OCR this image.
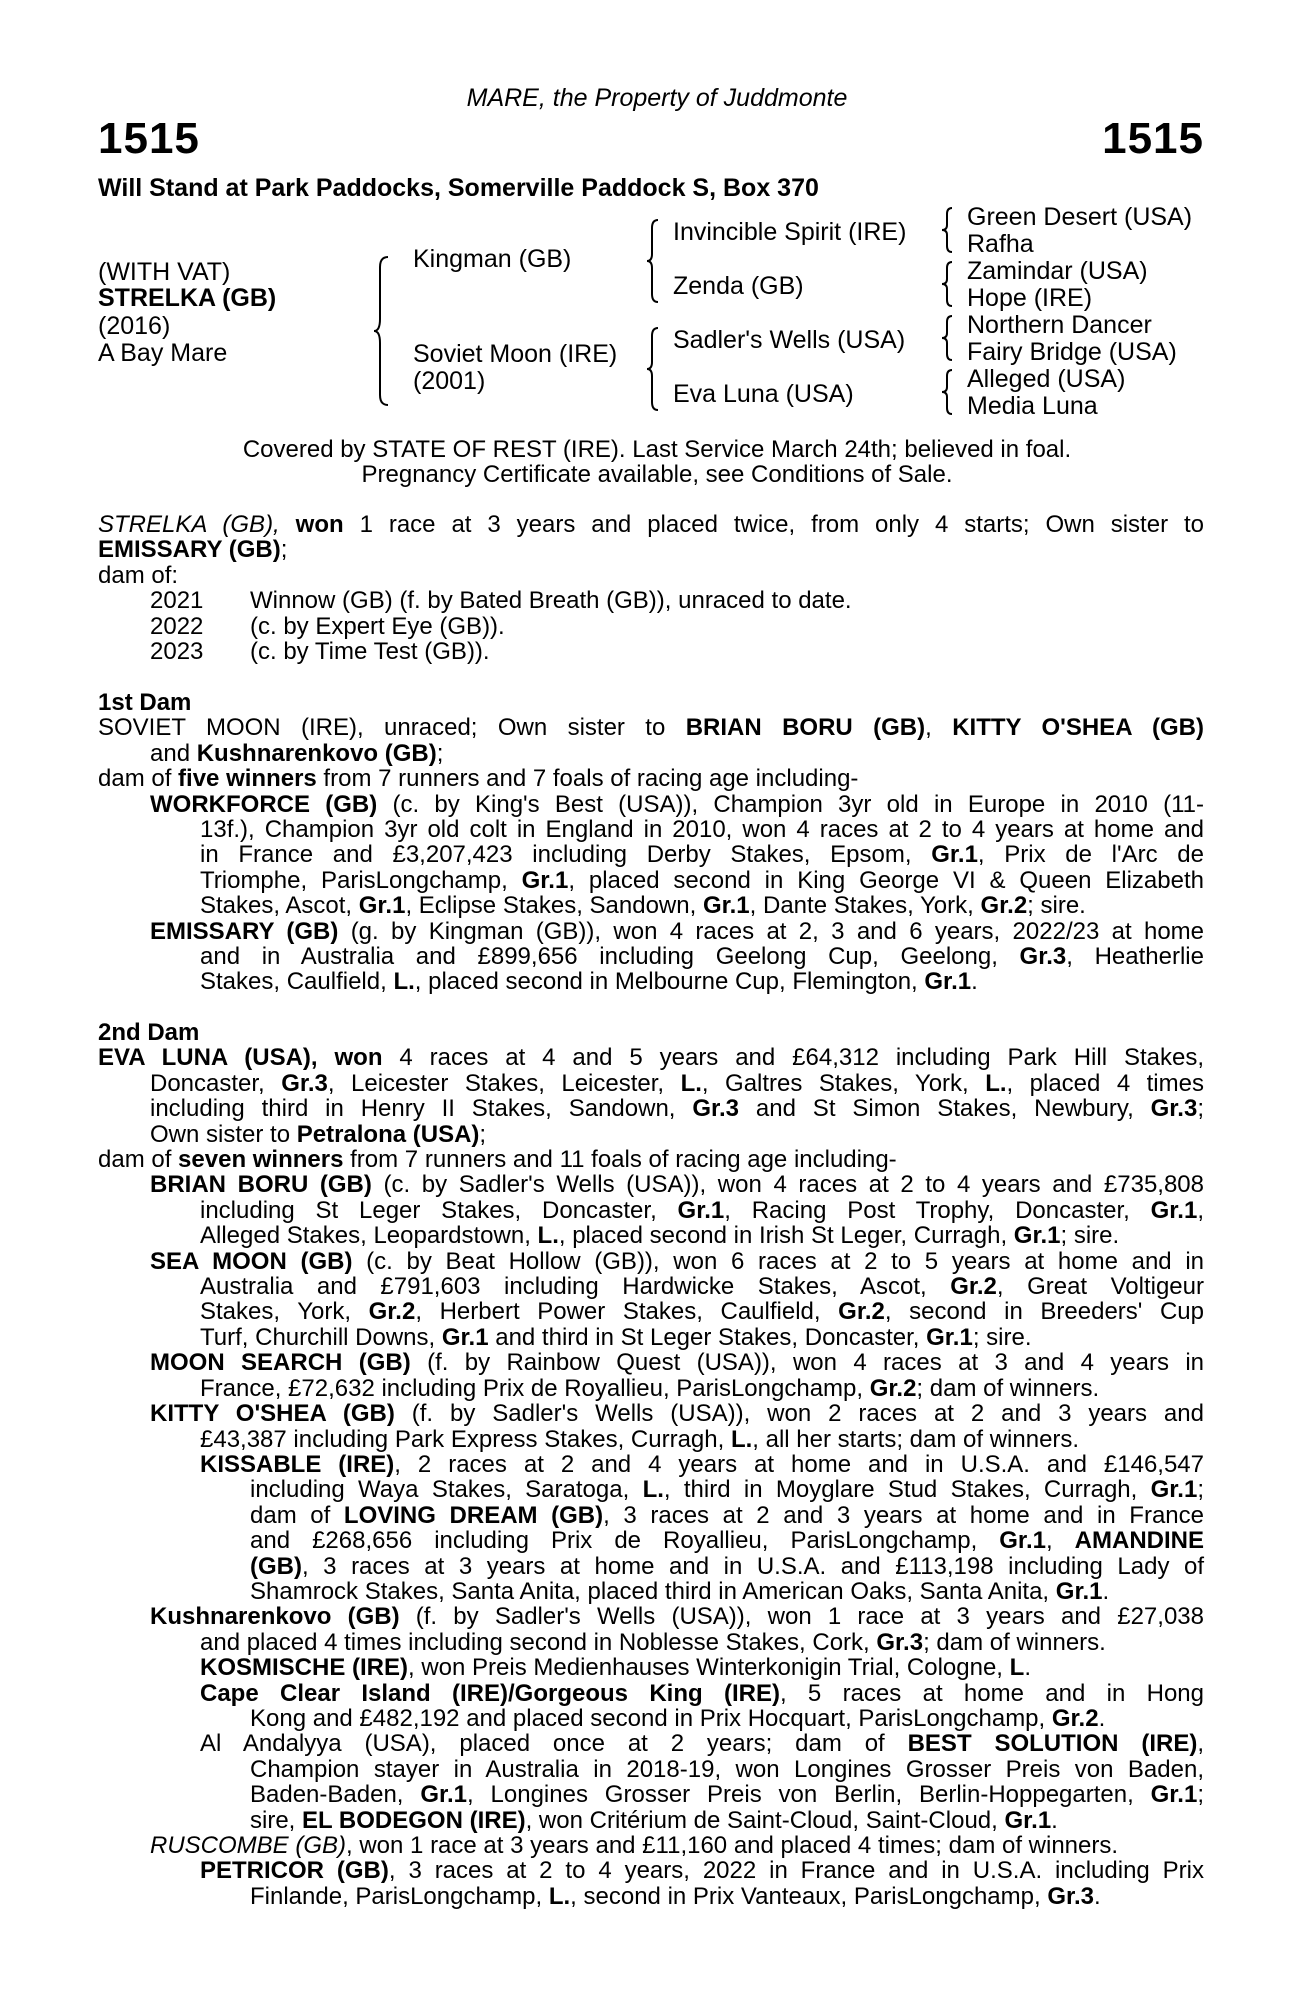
MARE, the Property of Juddmonte
1515	1515
Will Stand at Park Paddocks, Somerville Paddock S, Box 370
(WITH VAT)
STRELKA (GB)
(2016)
A Bay Mare
Kingman (GB)
Soviet Moon (IRE)
(2001)
Invincible Spirit (IRE)
Zenda (GB)
Sadler's Wells (USA)
Eva Luna (USA)
Green Desert (USA)
Rafha
Zamindar (USA)
Hope (IRE)
Northern Dancer
Fairy Bridge (USA)
Alleged (USA)
Media Luna
Covered by STATE OF REST (IRE). Last Service March 24th; believed in foal.
Pregnancy Certificate available, see Conditions of Sale.
STRELKA (GB), won 1 race at 3 years and placed twice, from only 4 starts; Own sister to
EMISSARY (GB);
dam of:
2021 Winnow (GB) (f. by Bated Breath (GB)), unraced to date.
2022 (c. by Expert Eye (GB)).
2023 (c. by Time Test (GB)).
1st Dam
SOVIET MOON (IRE), unraced; Own sister to BRIAN BORU (GB), KITTY O'SHEA (GB)
and Kushnarenkovo (GB);
dam of five winners from 7 runners and 7 foals of racing age including-
WORKFORCE (GB) (c. by King's Best (USA)), Champion 3yr old in Europe in 2010 (11-
13f.), Champion 3yr old colt in England in 2010, won 4 races at 2 to 4 years at home and
in France and £3,207,423 including Derby Stakes, Epsom, Gr.1, Prix de l'Arc de
Triomphe, ParisLongchamp, Gr.1, placed second in King George VI & Queen Elizabeth
Stakes, Ascot, Gr.1, Eclipse Stakes, Sandown, Gr.1, Dante Stakes, York, Gr.2; sire.
EMISSARY (GB) (g. by Kingman (GB)), won 4 races at 2, 3 and 6 years, 2022/23 at home
and in Australia and £899,656 including Geelong Cup, Geelong, Gr.3, Heatherlie
Stakes, Caulfield, L., placed second in Melbourne Cup, Flemington, Gr.1.
2nd Dam
EVA LUNA (USA), won 4 races at 4 and 5 years and £64,312 including Park Hill Stakes,
Doncaster, Gr.3, Leicester Stakes, Leicester, L., Galtres Stakes, York, L., placed 4 times
including third in Henry II Stakes, Sandown, Gr.3 and St Simon Stakes, Newbury, Gr.3;
Own sister to Petralona (USA);
dam of seven winners from 7 runners and 11 foals of racing age including-
BRIAN BORU (GB) (c. by Sadler's Wells (USA)), won 4 races at 2 to 4 years and £735,808
including St Leger Stakes, Doncaster, Gr.1, Racing Post Trophy, Doncaster, Gr.1,
Alleged Stakes, Leopardstown, L., placed second in Irish St Leger, Curragh, Gr.1; sire.
SEA MOON (GB) (c. by Beat Hollow (GB)), won 6 races at 2 to 5 years at home and in
Australia and £791,603 including Hardwicke Stakes, Ascot, Gr.2, Great Voltigeur
Stakes, York, Gr.2, Herbert Power Stakes, Caulfield, Gr.2, second in Breeders' Cup
Turf, Churchill Downs, Gr.1 and third in St Leger Stakes, Doncaster, Gr.1; sire.
MOON SEARCH (GB) (f. by Rainbow Quest (USA)), won 4 races at 3 and 4 years in
France, £72,632 including Prix de Royallieu, ParisLongchamp, Gr.2; dam of winners.
KITTY O'SHEA (GB) (f. by Sadler's Wells (USA)), won 2 races at 2 and 3 years and
£43,387 including Park Express Stakes, Curragh, L., all her starts; dam of winners.
KISSABLE (IRE), 2 races at 2 and 4 years at home and in U.S.A. and £146,547
including Waya Stakes, Saratoga, L., third in Moyglare Stud Stakes, Curragh, Gr.1;
dam of LOVING DREAM (GB), 3 races at 2 and 3 years at home and in France
and £268,656 including Prix de Royallieu, ParisLongchamp, Gr.1, AMANDINE
(GB), 3 races at 3 years at home and in U.S.A. and £113,198 including Lady of
Shamrock Stakes, Santa Anita, placed third in American Oaks, Santa Anita, Gr.1.
Kushnarenkovo (GB) (f. by Sadler's Wells (USA)), won 1 race at 3 years and £27,038
and placed 4 times including second in Noblesse Stakes, Cork, Gr.3; dam of winners.
KOSMISCHE (IRE), won Preis Medienhauses Winterkonigin Trial, Cologne, L.
Cape Clear Island (IRE)/Gorgeous King (IRE), 5 races at home and in Hong
Kong and £482,192 and placed second in Prix Hocquart, ParisLongchamp, Gr.2.
Al Andalyya (USA), placed once at 2 years; dam of BEST SOLUTION (IRE),
Champion stayer in Australia in 2018-19, won Longines Grosser Preis von Baden,
Baden-Baden, Gr.1, Longines Grosser Preis von Berlin, Berlin-Hoppegarten, Gr.1;
sire, EL BODEGON (IRE), won Critérium de Saint-Cloud, Saint-Cloud, Gr.1.
RUSCOMBE (GB), won 1 race at 3 years and £11,160 and placed 4 times; dam of winners.
PETRICOR (GB), 3 races at 2 to 4 years, 2022 in France and in U.S.A. including Prix
Finlande, ParisLongchamp, L., second in Prix Vanteaux, ParisLongchamp, Gr.3.
